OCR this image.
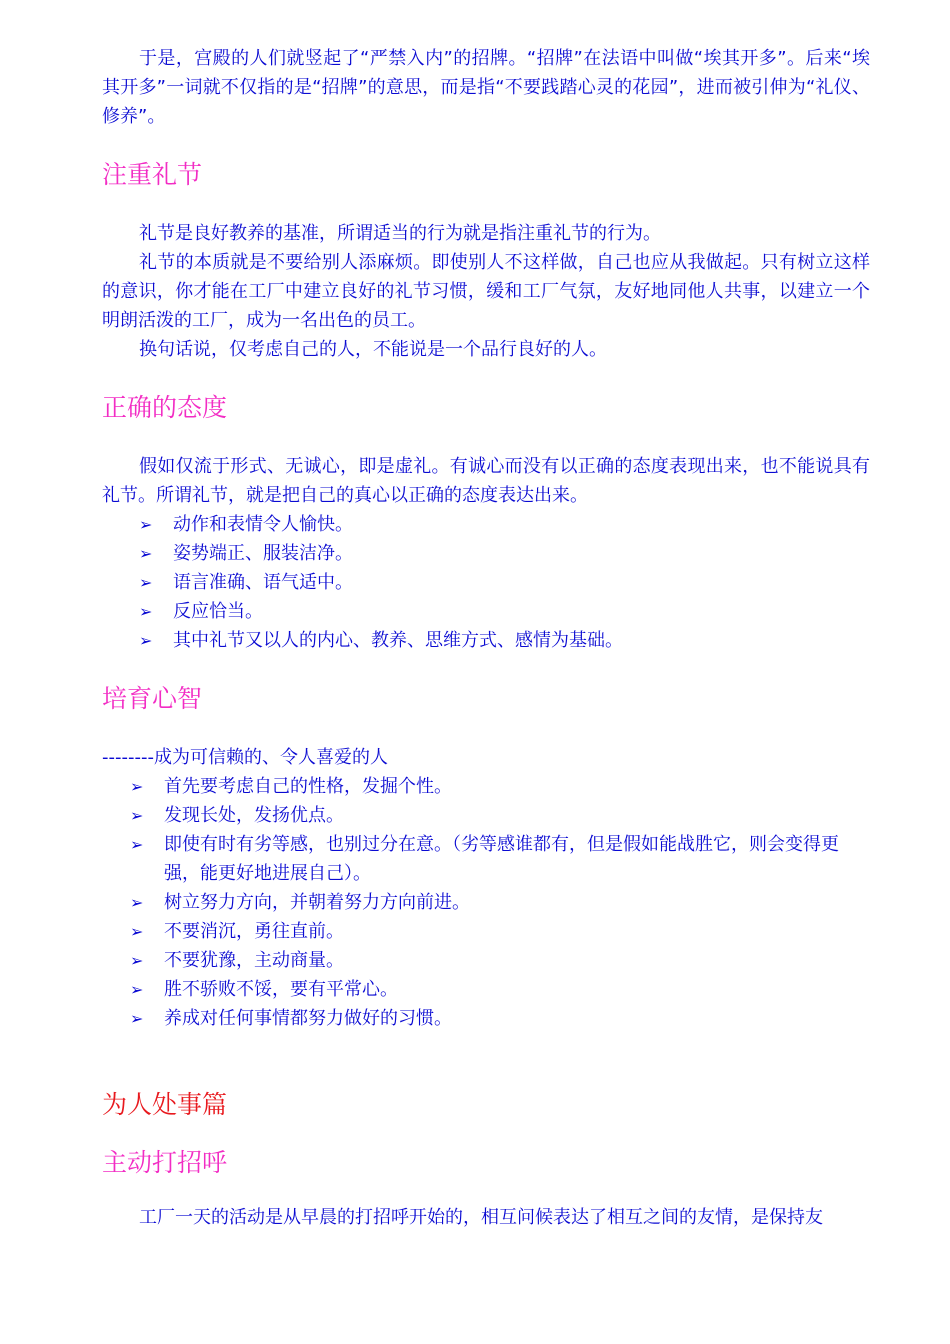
于是，宫殿的人们就竖起了“严禁入内”的招牌。“招牌”在法语中叫做“埃其开多”。后来“埃其开多”一词就不仅指的是“招牌”的意思，而是指“不要践踏心灵的花园”，进而被引伸为“礼仪、修养”。

注重礼节

礼节是良好教养的基准，所谓适当的行为就是指注重礼节的行为。

礼节的本质就是不要给别人添麻烦。即使别人不这样做，自己也应从我做起。只有树立这样的意识，你才能在工厂中建立良好的礼节习惯，缓和工厂气氛，友好地同他人共事，以建立一个明朗活泼的工厂，成为一名出色的员工。

换句话说，仅考虑自己的人，不能说是一个品行良好的人。

正确的态度

假如仅流于形式、无诚心，即是虚礼。有诚心而没有以正确的态度表现出来，也不能说具有礼节。所谓礼节，就是把自己的真心以正确的态度表达出来。

➢ 动作和表情令人愉快。
➢ 姿势端正、服装洁净。
➢ 语言准确、语气适中。
➢ 反应恰当。
➢ 其中礼节又以人的内心、教养、思维方式、感情为基础。
培育心智

--------成为可信赖的、令人喜爱的人

➢ 首先要考虑自己的性格，发掘个性。
➢ 发现长处，发扬优点。
➢ 即使有时有劣等感，也别过分在意。（劣等感谁都有，但是假如能战胜它，则会变得更强，能更好地进展自己）。
➢ 树立努力方向，并朝着努力方向前进。
➢ 不要消沉，勇往直前。
➢ 不要犹豫，主动商量。
➢ 胜不骄败不馁，要有平常心。
➢ 养成对任何事情都努力做好的习惯。
为人处事篇
主动打招呼

工厂一天的活动是从早晨的打招呼开始的，相互问候表达了相互之间的友情，是保持友
